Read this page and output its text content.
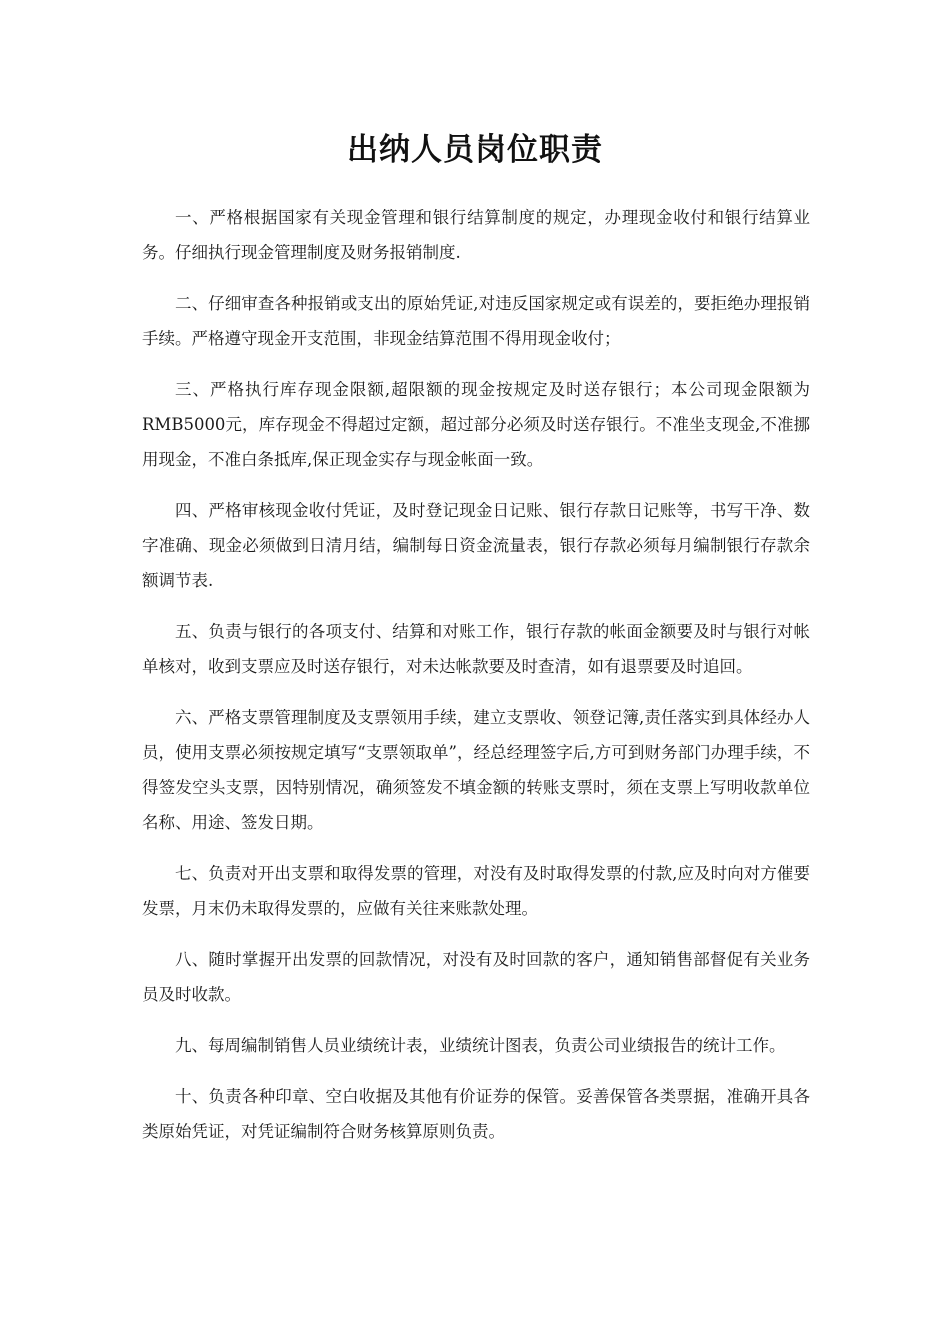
出纳人员岗位职责

一、严格根据国家有关现金管理和银行结算制度的规定，办理现金收付和银行结算业务。仔细执行现金管理制度及财务报销制度.

二、仔细审查各种报销或支出的原始凭证,对违反国家规定或有误差的，要拒绝办理报销手续。严格遵守现金开支范围，非现金结算范围不得用现金收付；

三、严格执行库存现金限额,超限额的现金按规定及时送存银行；本公司现金限额为RMB5000元，库存现金不得超过定额，超过部分必须及时送存银行。不准坐支现金,不准挪用现金，不准白条抵库,保正现金实存与现金帐面一致。

四、严格审核现金收付凭证，及时登记现金日记账、银行存款日记账等，书写干净、数字准确、现金必须做到日清月结，编制每日资金流量表，银行存款必须每月编制银行存款余额调节表.

五、负责与银行的各项支付、结算和对账工作，银行存款的帐面金额要及时与银行对帐单核对，收到支票应及时送存银行，对未达帐款要及时查清，如有退票要及时追回。

六、严格支票管理制度及支票领用手续，建立支票收、领登记簿,责任落实到具体经办人员，使用支票必须按规定填写“支票领取单”，经总经理签字后,方可到财务部门办理手续，不得签发空头支票，因特别情况，确须签发不填金额的转账支票时，须在支票上写明收款单位名称、用途、签发日期。

七、负责对开出支票和取得发票的管理，对没有及时取得发票的付款,应及时向对方催要发票，月末仍未取得发票的，应做有关往来账款处理。

八、随时掌握开出发票的回款情况，对没有及时回款的客户，通知销售部督促有关业务员及时收款。

九、每周编制销售人员业绩统计表，业绩统计图表，负责公司业绩报告的统计工作。

十、负责各种印章、空白收据及其他有价证券的保管。妥善保管各类票据，准确开具各类原始凭证，对凭证编制符合财务核算原则负责。
